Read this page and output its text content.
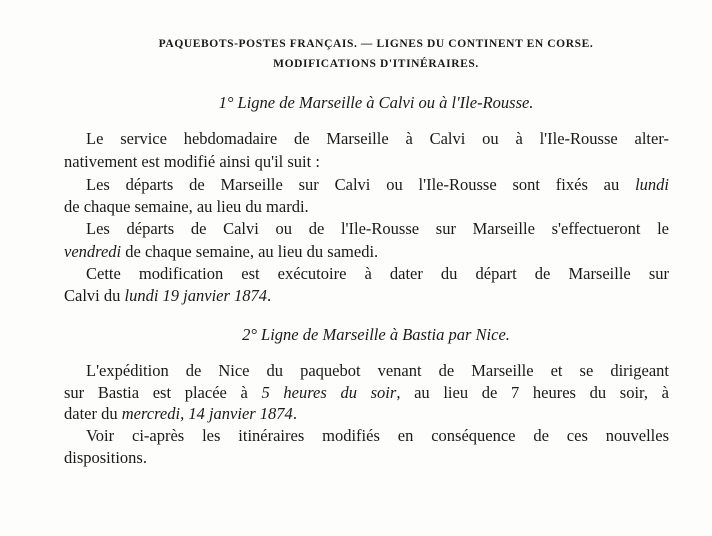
PAQUEBOTS-POSTES FRANÇAIS. — LIGNES DU CONTINENT EN CORSE.
MODIFICATIONS D'ITINÉRAIRES.
1° Ligne de Marseille à Calvi ou à l'Ile-Rousse.
Le service hebdomadaire de Marseille à Calvi ou à l'Ile-Rousse alter-
nativement est modifié ainsi qu'il suit :
Les départs de Marseille sur Calvi ou l'Ile-Rousse sont fixés au lundi
de chaque semaine, au lieu du mardi.
Les départs de Calvi ou de l'Ile-Rousse sur Marseille s'effectueront le
vendredi de chaque semaine, au lieu du samedi.
Cette modification est exécutoire à dater du départ de Marseille sur
Calvi du lundi 19 janvier 1874.
2° Ligne de Marseille à Bastia par Nice.
L'expédition de Nice du paquebot venant de Marseille et se dirigeant
sur Bastia est placée à 5 heures du soir, au lieu de 7 heures du soir, à
dater du mercredi, 14 janvier 1874.
Voir ci-après les itinéraires modifiés en conséquence de ces nouvelles
dispositions.
